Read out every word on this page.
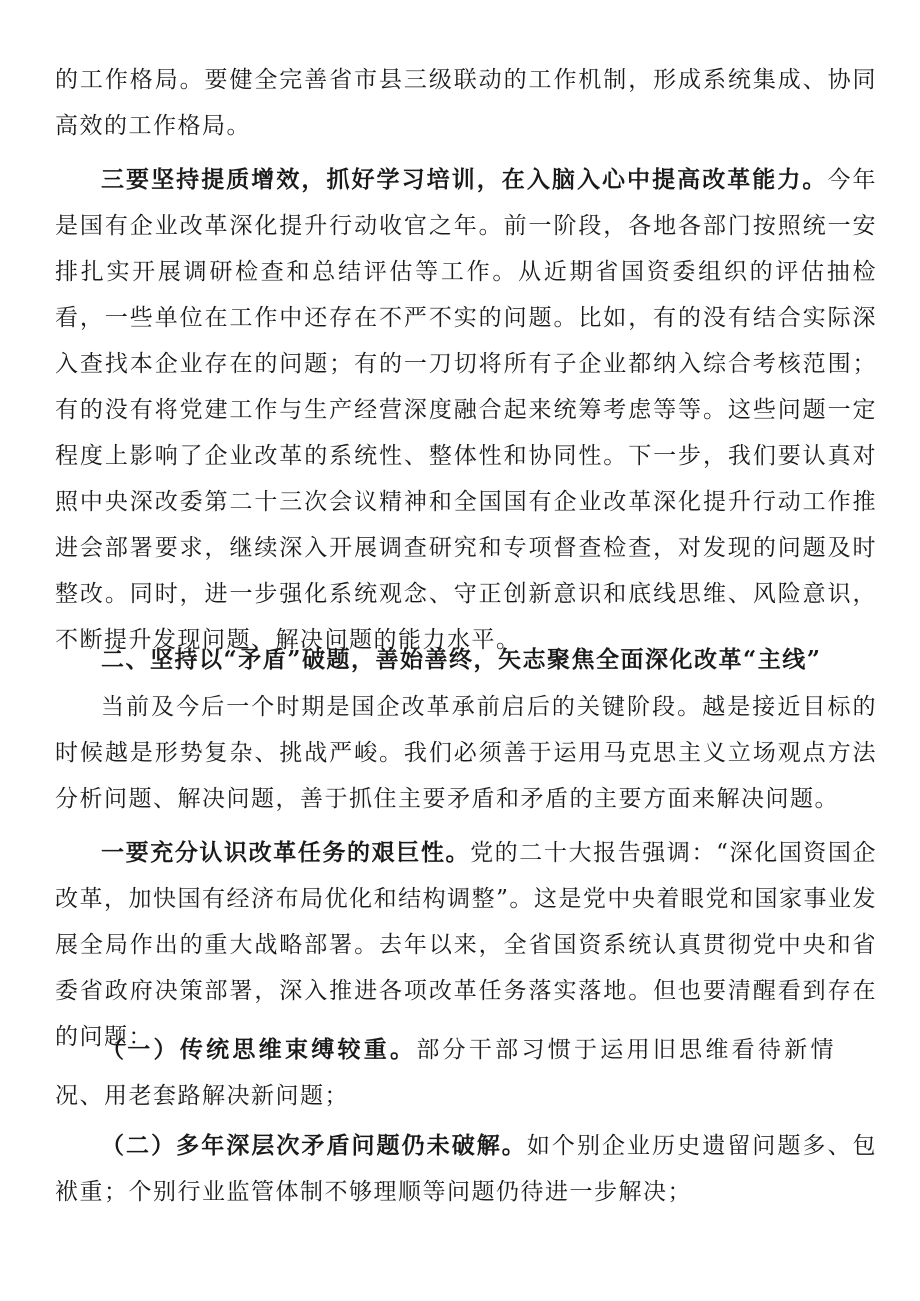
的工作格局。要健全完善省市县三级联动的工作机制，形成系统集成、协同高效的工作格局。

三要坚持提质增效，抓好学习培训，在入脑入心中提高改革能力。今年是国有企业改革深化提升行动收官之年。前一阶段，各地各部门按照统一安排扎实开展调研检查和总结评估等工作。从近期省国资委组织的评估抽检看，一些单位在工作中还存在不严不实的问题。比如，有的没有结合实际深入查找本企业存在的问题；有的一刀切将所有子企业都纳入综合考核范围；有的没有将党建工作与生产经营深度融合起来统筹考虑等等。这些问题一定程度上影响了企业改革的系统性、整体性和协同性。下一步，我们要认真对照中央深改委第二十三次会议精神和全国国有企业改革深化提升行动工作推进会部署要求，继续深入开展调查研究和专项督查检查，对发现的问题及时整改。同时，进一步强化系统观念、守正创新意识和底线思维、风险意识，不断提升发现问题、解决问题的能力水平。

二、坚持以“矛盾”破题，善始善终，矢志聚焦全面深化改革“主线”

当前及今后一个时期是国企改革承前启后的关键阶段。越是接近目标的时候越是形势复杂、挑战严峻。我们必须善于运用马克思主义立场观点方法分析问题、解决问题，善于抓住主要矛盾和矛盾的主要方面来解决问题。

一要充分认识改革任务的艰巨性。党的二十大报告强调：“深化国资国企改革，加快国有经济布局优化和结构调整”。这是党中央着眼党和国家事业发展全局作出的重大战略部署。去年以来，全省国资系统认真贯彻党中央和省委省政府决策部署，深入推进各项改革任务落实落地。但也要清醒看到存在的问题：

（一）传统思维束缚较重。部分干部习惯于运用旧思维看待新情况、用老套路解决新问题；

（二）多年深层次矛盾问题仍未破解。如个别企业历史遗留问题多、包袱重；个别行业监管体制不够理顺等问题仍待进一步解决；
